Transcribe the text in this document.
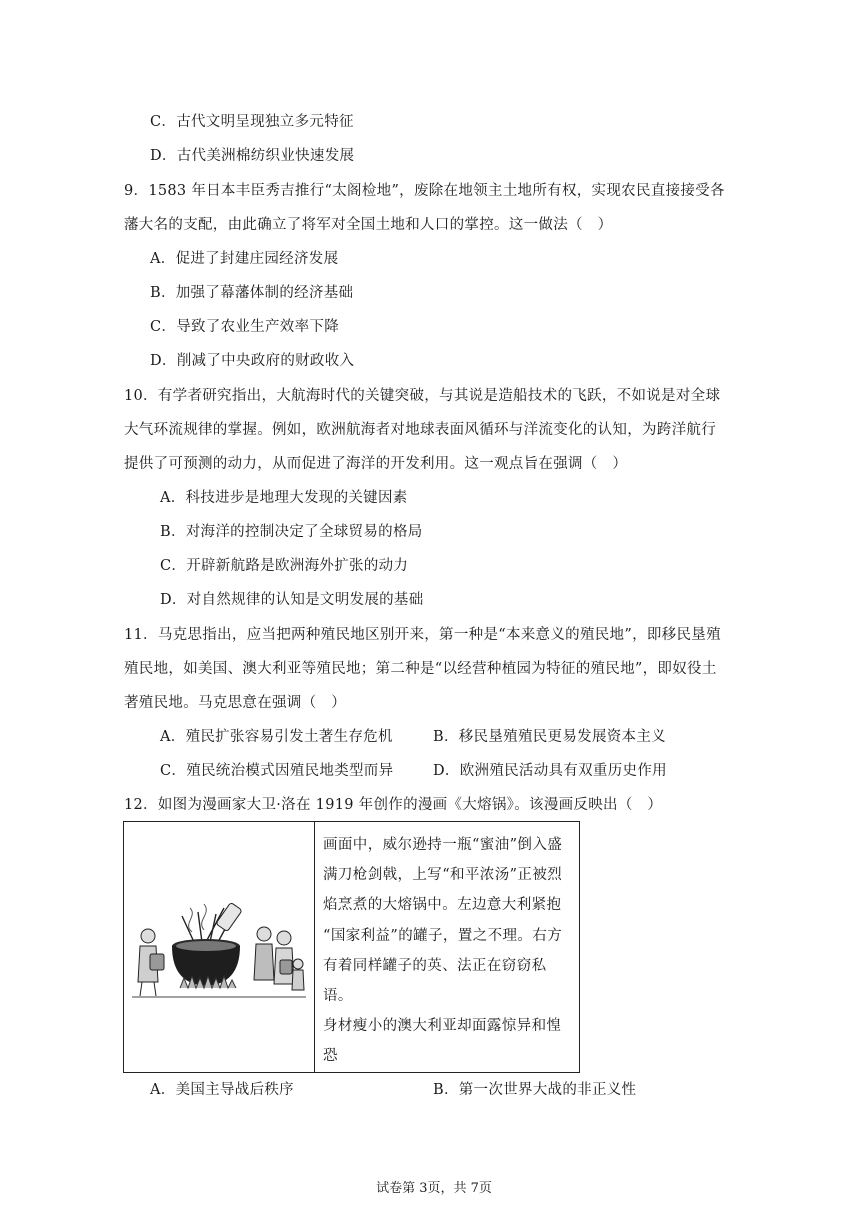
C．古代文明呈现独立多元特征
D．古代美洲棉纺织业快速发展
9．1583 年日本丰臣秀吉推行“太阁检地”，废除在地领主土地所有权，实现农民直接接受各
藩大名的支配，由此确立了将军对全国土地和人口的掌控。这一做法（　）
A．促进了封建庄园经济发展
B．加强了幕藩体制的经济基础
C．导致了农业生产效率下降
D．削减了中央政府的财政收入
10．有学者研究指出，大航海时代的关键突破，与其说是造船技术的飞跃，不如说是对全球
大气环流规律的掌握。例如，欧洲航海者对地球表面风循环与洋流变化的认知，为跨洋航行
提供了可预测的动力，从而促进了海洋的开发利用。这一观点旨在强调（　）
A．科技进步是地理大发现的关键因素
B．对海洋的控制决定了全球贸易的格局
C．开辟新航路是欧洲海外扩张的动力
D．对自然规律的认知是文明发展的基础
11．马克思指出，应当把两种殖民地区别开来，第一种是“本来意义的殖民地”，即移民垦殖
殖民地，如美国、澳大利亚等殖民地；第二种是“以经营种植园为特征的殖民地”，即奴役土
著殖民地。马克思意在强调（　）
A．殖民扩张容易引发土著生存危机	B．移民垦殖殖民更易发展资本主义
C．殖民统治模式因殖民地类型而异	D．欧洲殖民活动具有双重历史作用
12．如图为漫画家大卫·洛在 1919 年创作的漫画《大熔锅》。该漫画反映出（　）

画面中，威尔逊持一瓶“蜜油”倒入盛
满刀枪剑戟，上写“和平浓汤”正被烈
焰烹煮的大熔锅中。左边意大利紧抱
“国家利益”的罐子，置之不理。右方
有着同样罐子的英、法正在窃窃私语。
身材瘦小的澳大利亚却面露惊异和惶
恐
A．美国主导战后秩序	B．第一次世界大战的非正义性
试卷第 3页，共 7页
